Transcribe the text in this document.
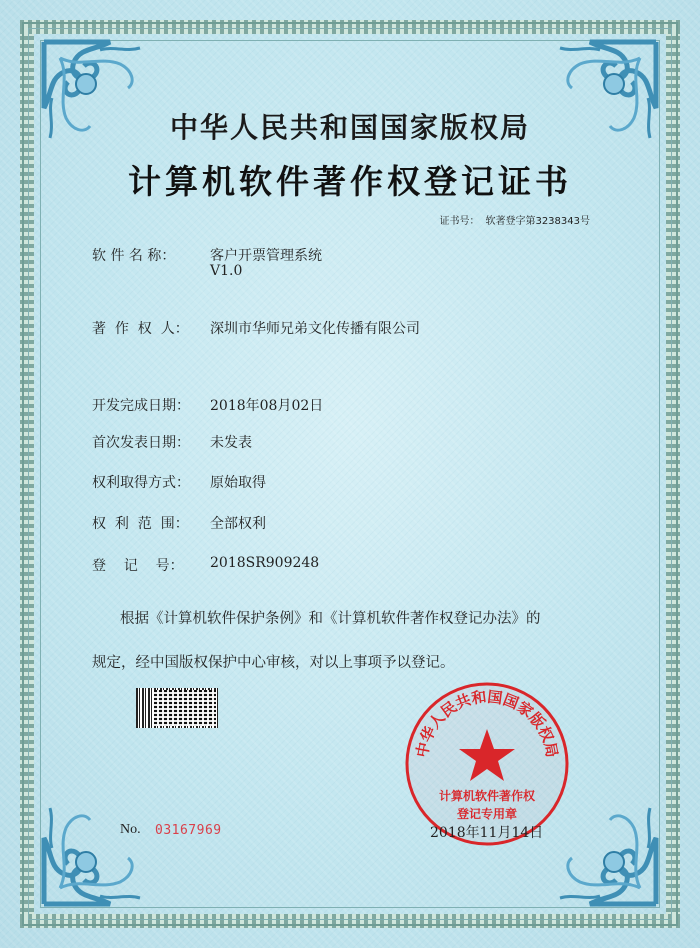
中华人民共和国国家版权局
计算机软件著作权登记证书
证书号： 软著登字第3238343号
软 件 名 称： 客户开票管理系统
V1.0
著  作  权  人： 深圳市华师兄弟文化传播有限公司
开发完成日期： 2018年08月02日
首次发表日期： 未发表
权利取得方式： 原始取得
权  利  范  围： 全部权利
登    记    号： 2018SR909248
根据《计算机软件保护条例》和《计算机软件著作权登记办法》的
规定，经中国版权保护中心审核，对以上事项予以登记。
中华人民共和国国家版权局
计算机软件著作权
登记专用章
No. 03167969	2018年11月14日
